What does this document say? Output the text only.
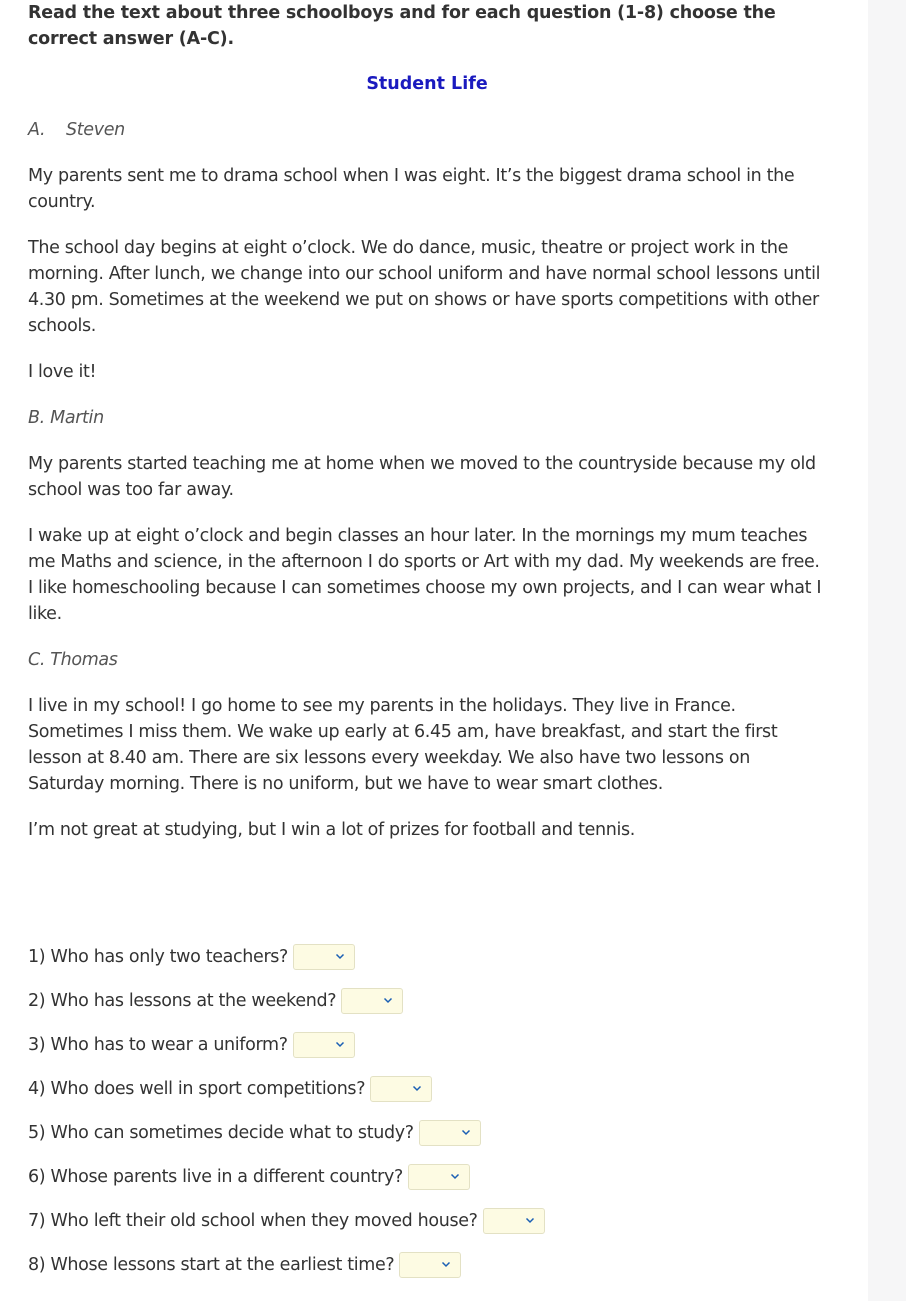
Read the text about three schoolboys and for each question (1-8) choose the correct answer (A-C).

Student Life

A.    Steven

My parents sent me to drama school when I was eight. It’s the biggest drama school in the country.

The school day begins at eight o’clock. We do dance, music, theatre or project work in the morning. After lunch, we change into our school uniform and have normal school lessons until 4.30 pm. Sometimes at the weekend we put on shows or have sports competitions with other schools.

I love it!

B. Martin

My parents started teaching me at home when we moved to the countryside because my old school was too far away.

I wake up at eight o’clock and begin classes an hour later. In the mornings my mum teaches me Maths and science, in the afternoon I do sports or Art with my dad. My weekends are free. I like homeschooling because I can sometimes choose my own projects, and I can wear what I like.

C. Thomas

I live in my school! I go home to see my parents in the holidays. They live in France. Sometimes I miss them. We wake up early at 6.45 am, have breakfast, and start the first lesson at 8.40 am. There are six lessons every weekday. We also have two lessons on Saturday morning. There is no uniform, but we have to wear smart clothes.

I’m not great at studying, but I win a lot of prizes for football and tennis.

1) Who has only two teachers?
2) Who has lessons at the weekend?
3) Who has to wear a uniform?
4) Who does well in sport competitions?
5) Who can sometimes decide what to study?
6) Whose parents live in a different country?
7) Who left their old school when they moved house?
8) Whose lessons start at the earliest time?
